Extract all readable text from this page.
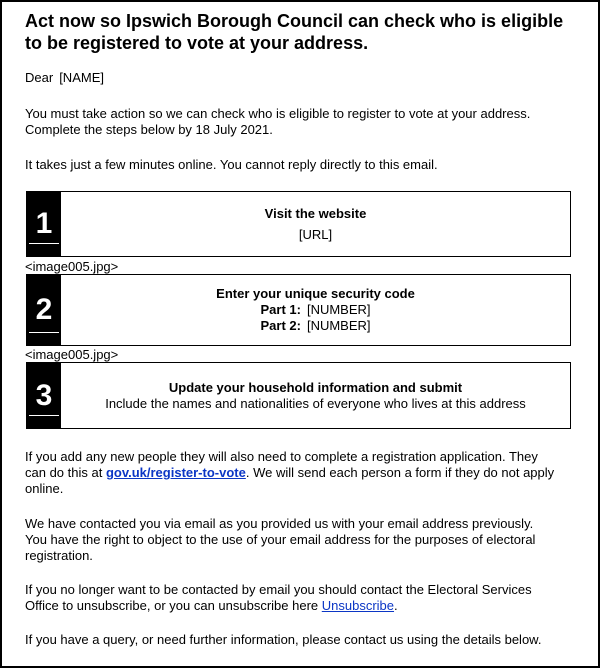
Act now so Ipswich Borough Council can check who is eligible to be registered to vote at your address.

Dear [NAME]

You must take action so we can check who is eligible to register to vote at your address.
Complete the steps below by 18 July 2021.

It takes just a few minutes online. You cannot reply directly to this email.

1	Visit the website
[URL]

<image005.jpg>

2	Enter your unique security code
Part 1: [NUMBER]
Part 2: [NUMBER]

<image005.jpg>

3	Update your household information and submit
Include the names and nationalities of everyone who lives at this address

If you add any new people they will also need to complete a registration application. They
can do this at gov.uk/register-to-vote. We will send each person a form if they do not apply
online.

We have contacted you via email as you provided us with your email address previously.
You have the right to object to the use of your email address for the purposes of electoral
registration.

If you no longer want to be contacted by email you should contact the Electoral Services
Office to unsubscribe, or you can unsubscribe here Unsubscribe.

If you have a query, or need further information, please contact us using the details below.
